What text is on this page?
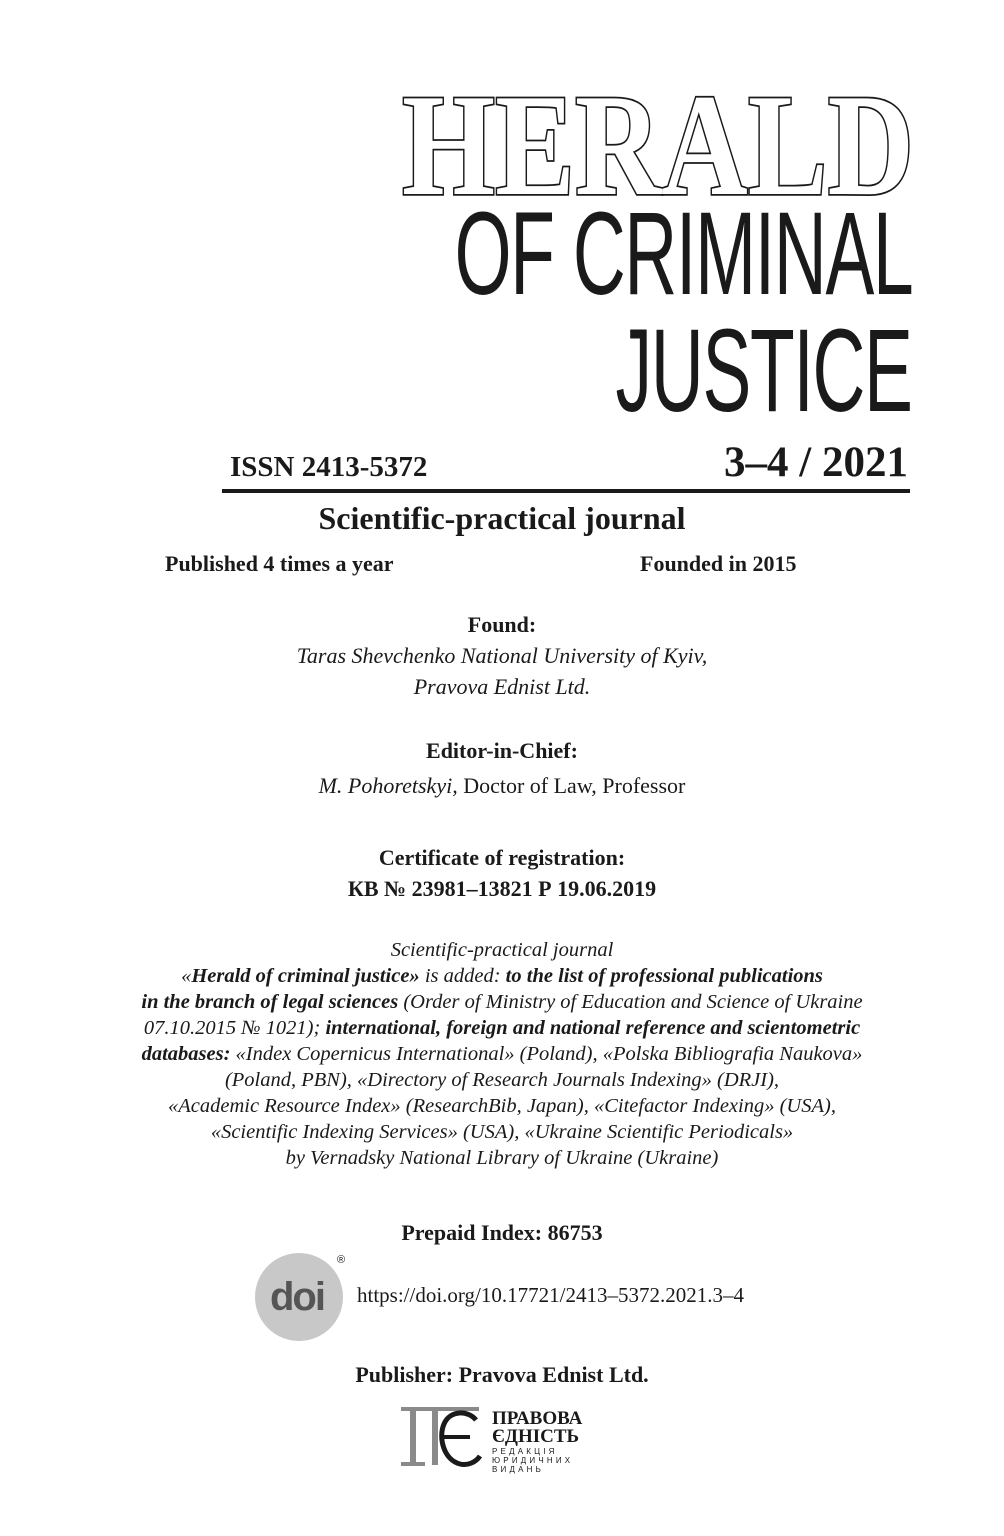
HERALD
OF CRIMINAL
JUSTICE
ISSN 2413-5372	3–4 / 2021
Scientific-practical journal
Published 4 times a year	Founded in 2015
Found:
Taras Shevchenko National University of Kyiv,
Pravova Ednist Ltd.
Editor-in-Chief:
M. Pohoretskyi, Doctor of Law, Professor
Certificate of registration:
КВ № 23981–13821 Р 19.06.2019
Scientific-practical journal
«Herald of criminal justice» is added: to the list of professional publications
in the branch of legal sciences (Order of Ministry of Education and Science of Ukraine
07.10.2015 № 1021); international, foreign and national reference and scientometric
databases: «Index Copernicus International» (Poland), «Polska Bibliografia Naukova»
(Poland, PBN), «Directory of Research Journals Indexing» (DRJI),
«Academic Resource Index» (ResearchBib, Japan), «Citefactor Indexing» (USA),
«Scientific Indexing Services» (USA), «Ukraine Scientific Periodicals»
by Vernadsky National Library of Ukraine (Ukraine)
Prepaid Index: 86753
doi
®
https://doi.org/10.17721/2413–5372.2021.3–4
Publisher: Pravova Ednist Ltd.
ПРАВОВА
ЄДНІСТЬ
РЕДАКЦІЯ
ЮРИДИЧНИХ
ВИДАНЬ
